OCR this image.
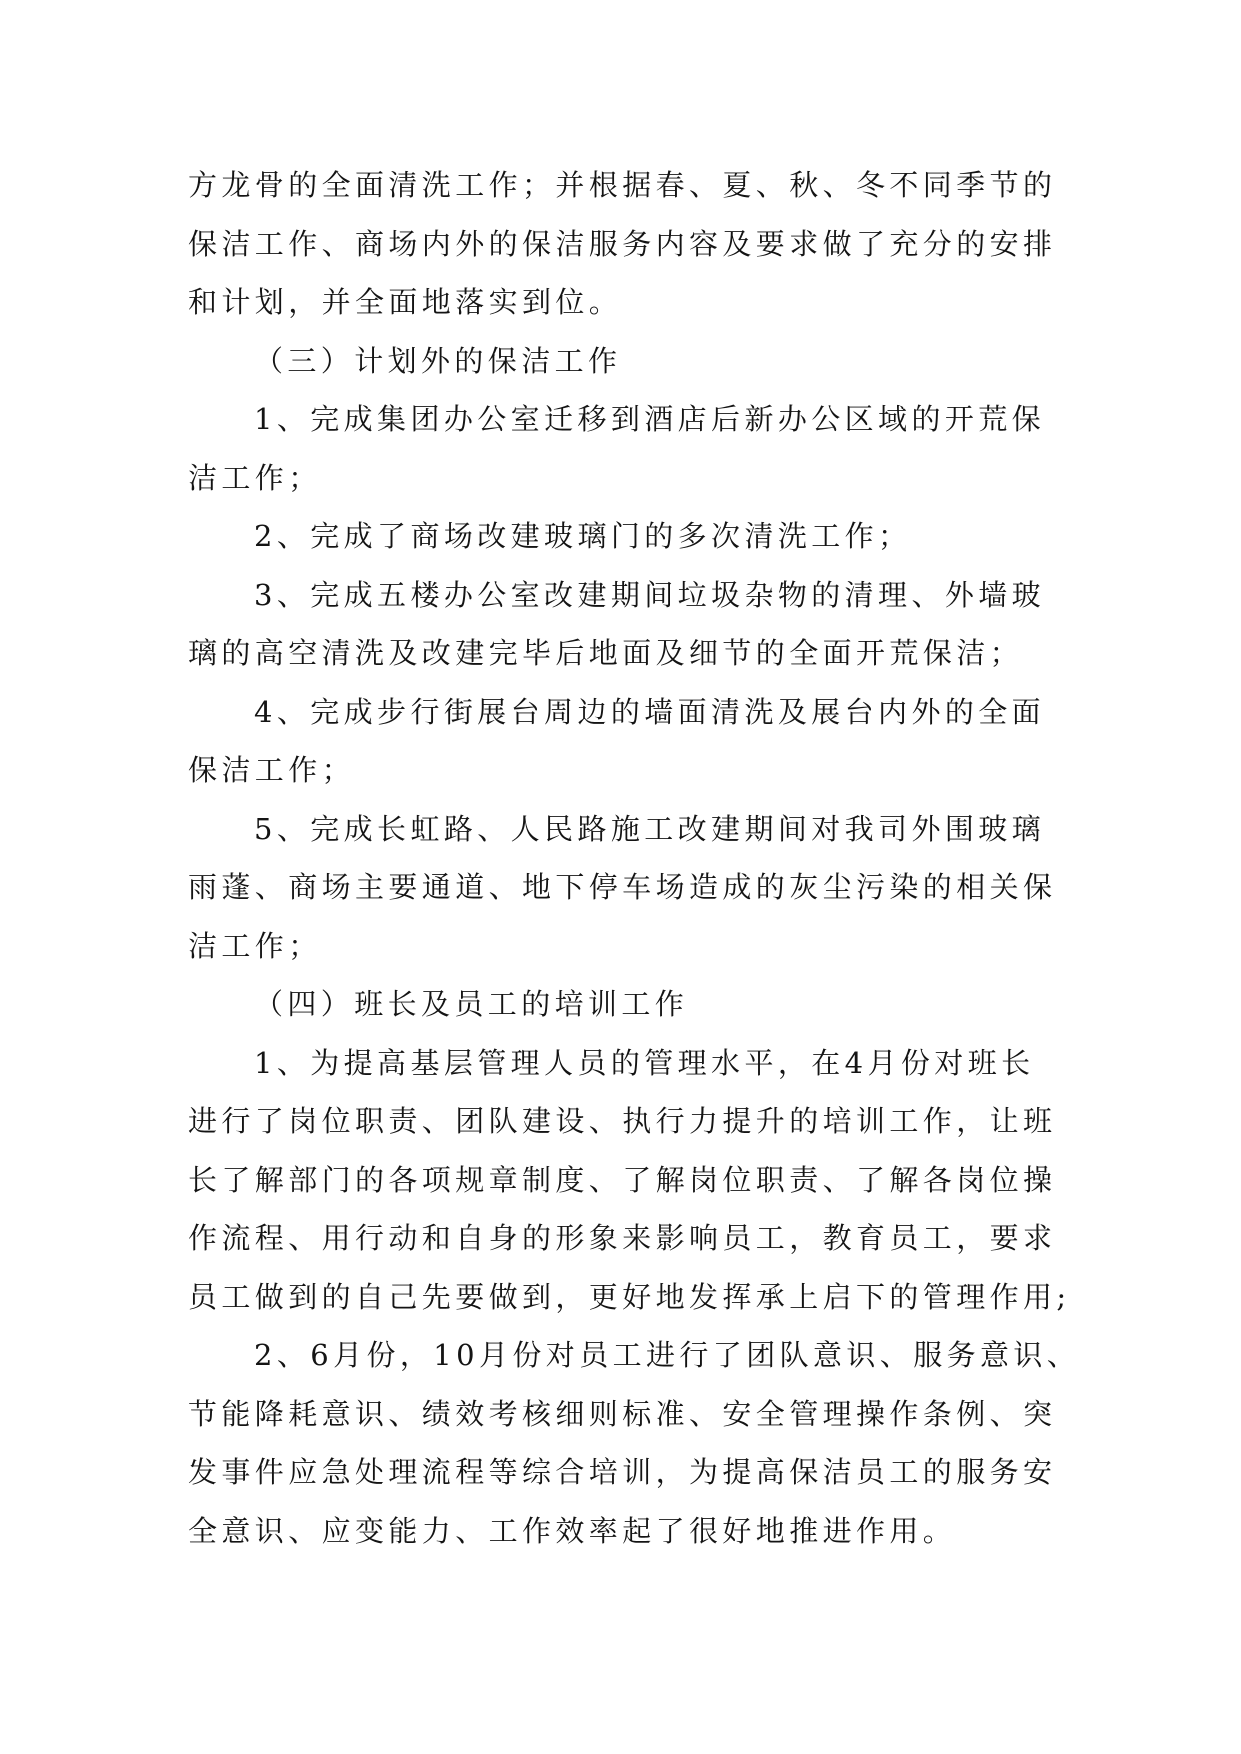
方龙骨的全面清洗工作；并根据春、夏、秋、冬不同季节的
保洁工作、商场内外的保洁服务内容及要求做了充分的安排
和计划，并全面地落实到位。
（三）计划外的保洁工作
1、完成集团办公室迁移到酒店后新办公区域的开荒保
洁工作；
2、完成了商场改建玻璃门的多次清洗工作；
3、完成五楼办公室改建期间垃圾杂物的清理、外墙玻
璃的高空清洗及改建完毕后地面及细节的全面开荒保洁；
4、完成步行街展台周边的墙面清洗及展台内外的全面
保洁工作；
5、完成长虹路、人民路施工改建期间对我司外围玻璃
雨蓬、商场主要通道、地下停车场造成的灰尘污染的相关保
洁工作；
（四）班长及员工的培训工作
1、为提高基层管理人员的管理水平，在4月份对班长
进行了岗位职责、团队建设、执行力提升的培训工作，让班
长了解部门的各项规章制度、了解岗位职责、了解各岗位操
作流程、用行动和自身的形象来影响员工，教育员工，要求
员工做到的自己先要做到，更好地发挥承上启下的管理作用;
2、6月份，10月份对员工进行了团队意识、服务意识、
节能降耗意识、绩效考核细则标准、安全管理操作条例、突
发事件应急处理流程等综合培训，为提高保洁员工的服务安
全意识、应变能力、工作效率起了很好地推进作用。
